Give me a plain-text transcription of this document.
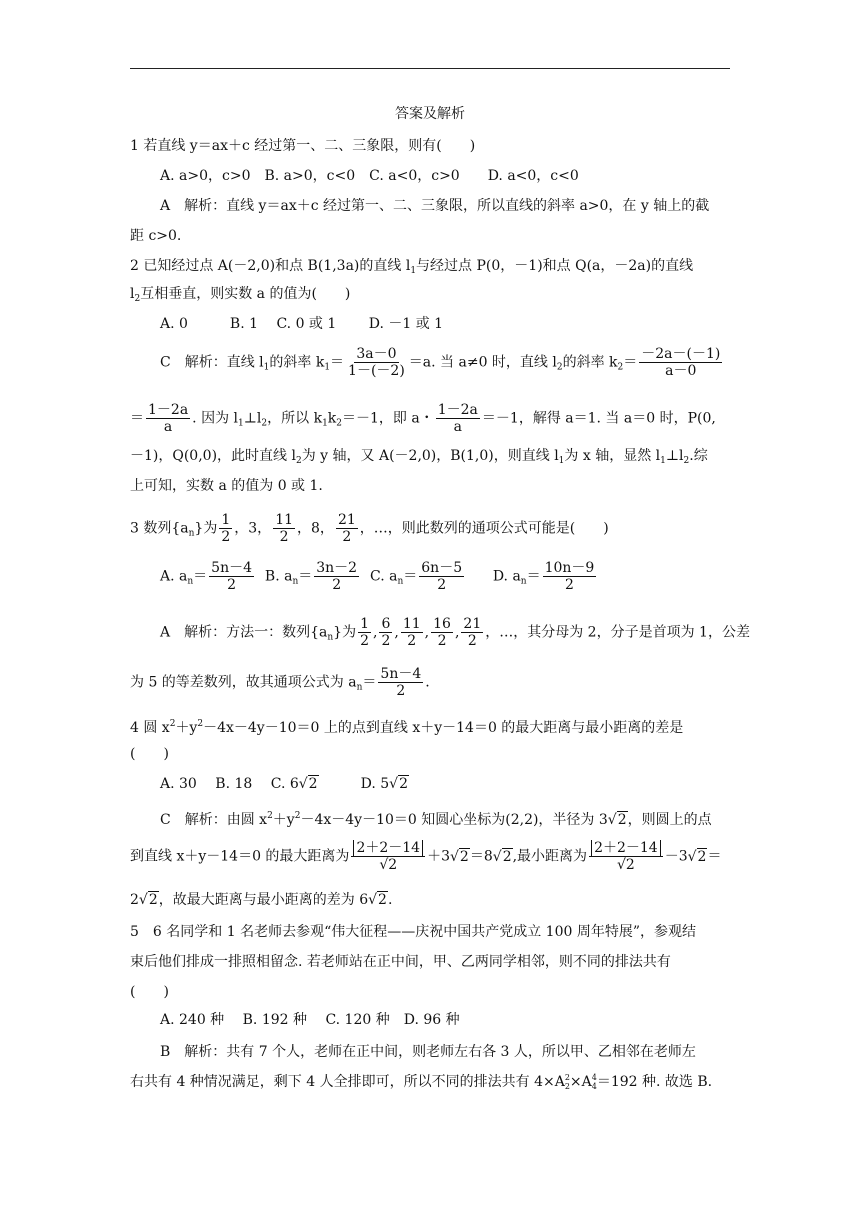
答案及解析
1 若直线 y＝ax＋c 经过第一、二、三象限，则有(　　)
A. a>0，c>0　B. a>0，c<0　C. a<0，c>0　　D. a<0，c<0
A　解析：直线 y＝ax＋c 经过第一、二、三象限，所以直线的斜率 a>0，在 y 轴上的截
距 c>0.
2 已知经过点 A(－2,0)和点 B(1,3a)的直线 $l_1$与经过点 P(0，－1)和点 Q(a，－2a)的直线
$l_2$互相垂直，则实数 a 的值为(　　)
A. 0　　　B. 1　 C. 0 或 1　　 D. －1 或 1
C　解析：直线 $l_1$的斜率 $k_1= \frac{3a-0}{1-(-2)} =a$. 当 a≠0 时，直线 $l_2$的斜率 $k_2= \frac{-2a-(-1)}{a-0}$
＝ $\frac{1-2a}{a}$ . 因为 $l_1\perp l_2$，所以 $k_1k_2=-1$，即 a・ $\frac{1-2a}{a} =-1$，解得 a＝1. 当 a＝0 时，P(0,
－1)，Q(0,0)，此时直线 $l_2$为 y 轴，又 A(－2,0)，B(1,0)，则直线 $l_1$为 x 轴，显然 $l_1\perp l_2$.综
上可知，实数 a 的值为 0 或 1.
3 数列$\{a_n\}$为 $\frac{1}{2}$ ，3， $\frac{11}{2}$ ，8， $\frac{21}{2}$ ，…，则此数列的通项公式可能是(　　)
A. $a_n= \frac{5n-4}{2} B$. $a_n= \frac{3n-2}{2} C$. $a_n= \frac{6n-5}{2} D$. $a_n= \frac{10n-9}{2}$
A　解析：方法一：数列$\{a_n\}$为 $\frac{1}{2}$ , $\frac{6}{2}$ , $\frac{11}{2}$ , $\frac{16}{2}$ , $\frac{21}{2}$ ，…，其分母为 2，分子是首项为 1，公差
为 5 的等差数列，故其通项公式为 $a_n= \frac{5n-4}{2}$ .
4 圆 $x^2+y^2-4x-4y-10=0$ 上的点到直线 x＋y－14＝0 的最大距离与最小距离的差是
(　　)
A. 30　 B. 18　 C. 6√2　　　D. 5√2
C　解析：由圆 $x^2+y^2-4x-4y-10=0$ 知圆心坐标为(2,2)，半径为 3√2，则圆上的点
到直线 x＋y－14＝0 的最大距离为 $\frac{2+2-14}{√2} +3√2=8√2$,最小距离为 $\frac{2+2-14}{√2} -3√2=$
2√2，故最大距离与最小距离的差为 6√2.
5　6 名同学和 1 名老师去参观“伟大征程——庆祝中国共产党成立 100 周年特展”，参观结
束后他们排成一排照相留念. 若老师站在正中间，甲、乙两同学相邻，则不同的排法共有
(　　)
A. 240 种　 B. 192 种　 C. 120 种　D. 96 种
B　解析：共有 7 个人，老师在正中间，则老师左右各 3 人，所以甲、乙相邻在老师左
右共有 4 种情况满足，剩下 4 人全排即可，所以不同的排法共有 4×A 2
2 ×A 4
4 ＝192 种. 故选 B.
